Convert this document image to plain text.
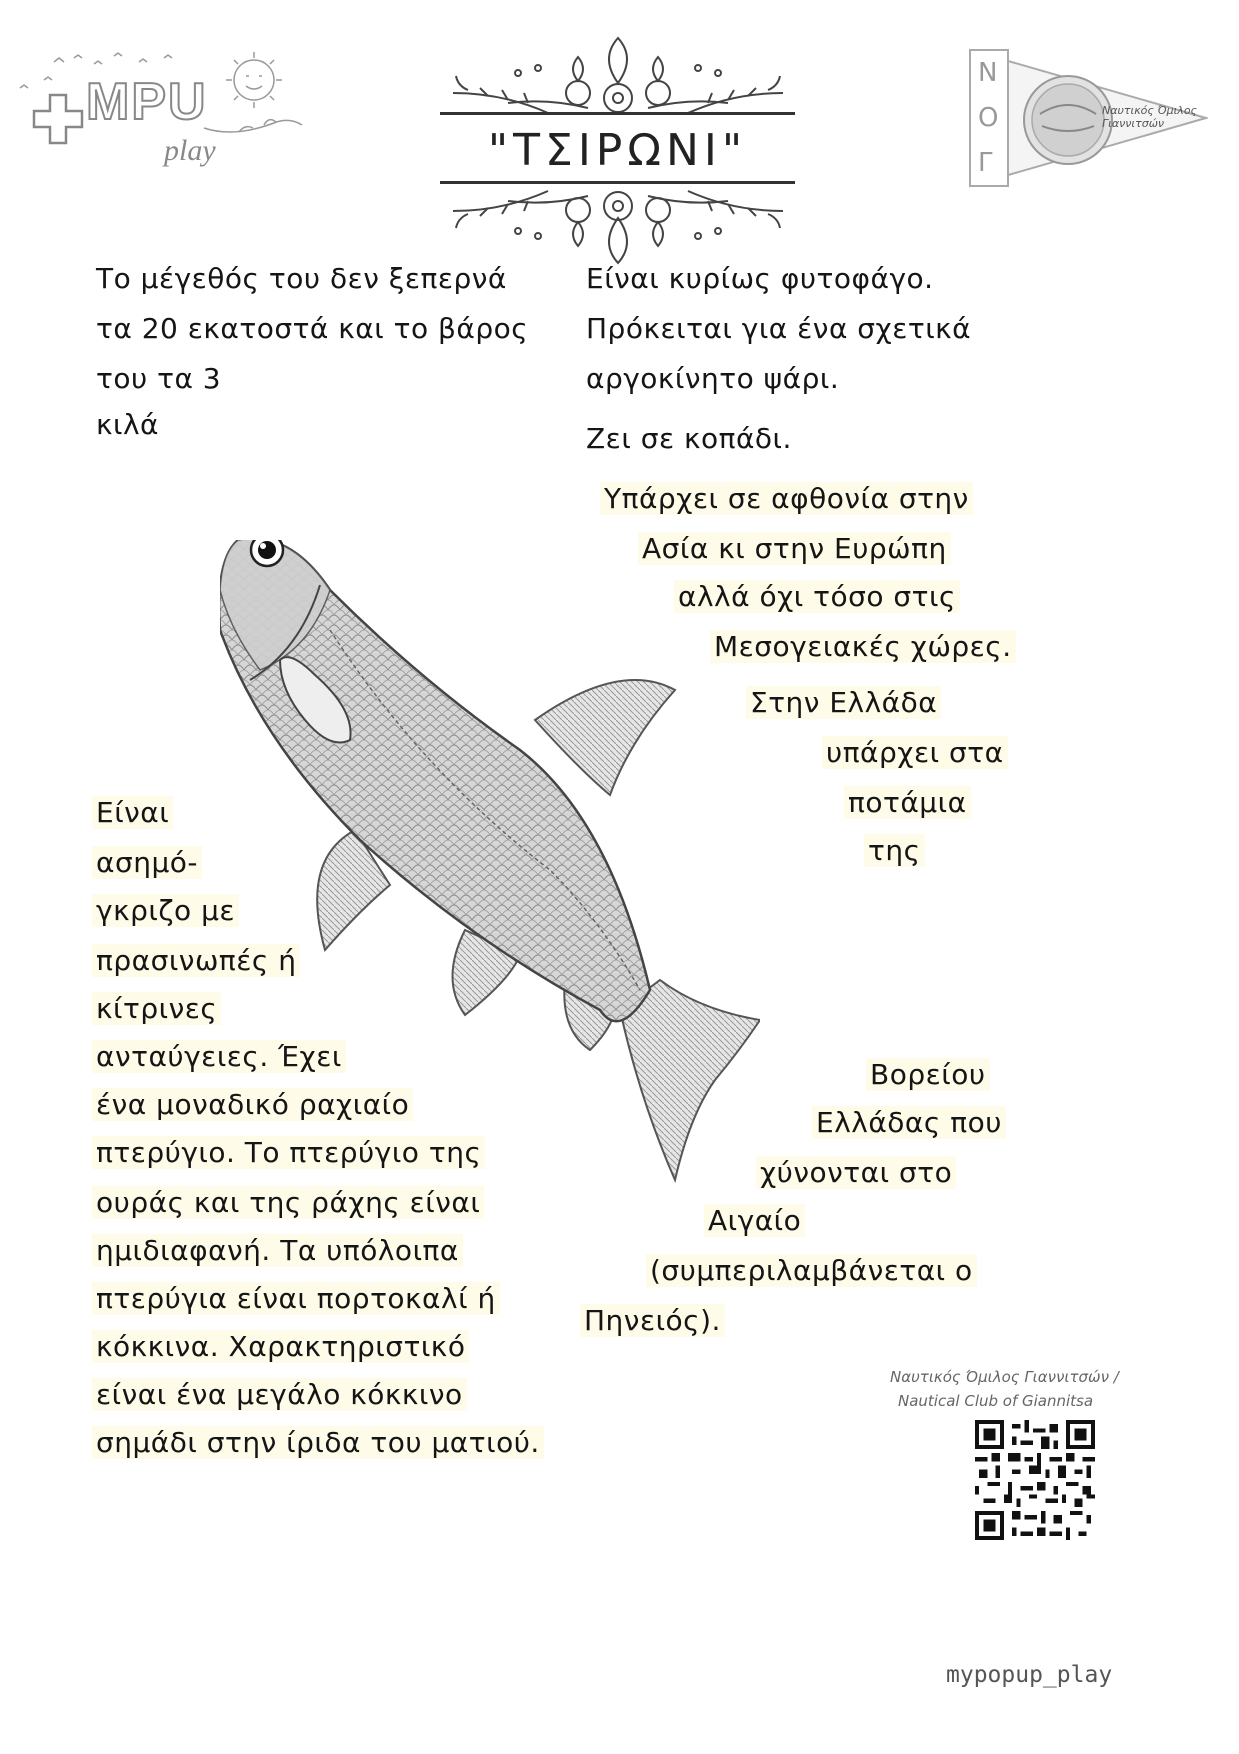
MPU
play	"ΤΣΙΡΩΝΙ"
Ν
Ο
Γ
Ναυτικός Όμιλος Γιαννιτσών
Το μέγεθός του δεν ξεπερνά
τα 20 εκατοστά και το βάρος
του τα 3
κιλά
Είναι κυρίως φυτοφάγο.
Πρόκειται για ένα σχετικά
αργοκίνητο ψάρι.
Ζει σε κοπάδι.
Υπάρχει σε αφθονία στην
Ασία κι στην Ευρώπη
αλλά όχι τόσο στις
Μεσογειακές χώρες.
Στην Ελλάδα
υπάρχει στα
ποτάμια
της
Βορείου
Ελλάδας που
χύνονται στο
Αιγαίο
(συμπεριλαμβάνεται ο
Πηνειός).
Είναι
ασημό-
γκριζο με
πρασινωπές ή
κίτρινες
ανταύγειες. Έχει
ένα μοναδικό ραχιαίο
πτερύγιο. Το πτερύγιο της
ουράς και της ράχης είναι
ημιδιαφανή. Τα υπόλοιπα
πτερύγια είναι πορτοκαλί ή
κόκκινα. Χαρακτηριστικό
είναι ένα μεγάλο κόκκινο
σημάδι στην ίριδα του ματιού.
Ναυτικός Όμιλος Γιαννιτσών /
Nautical Club of Giannitsa
mypopup_play
